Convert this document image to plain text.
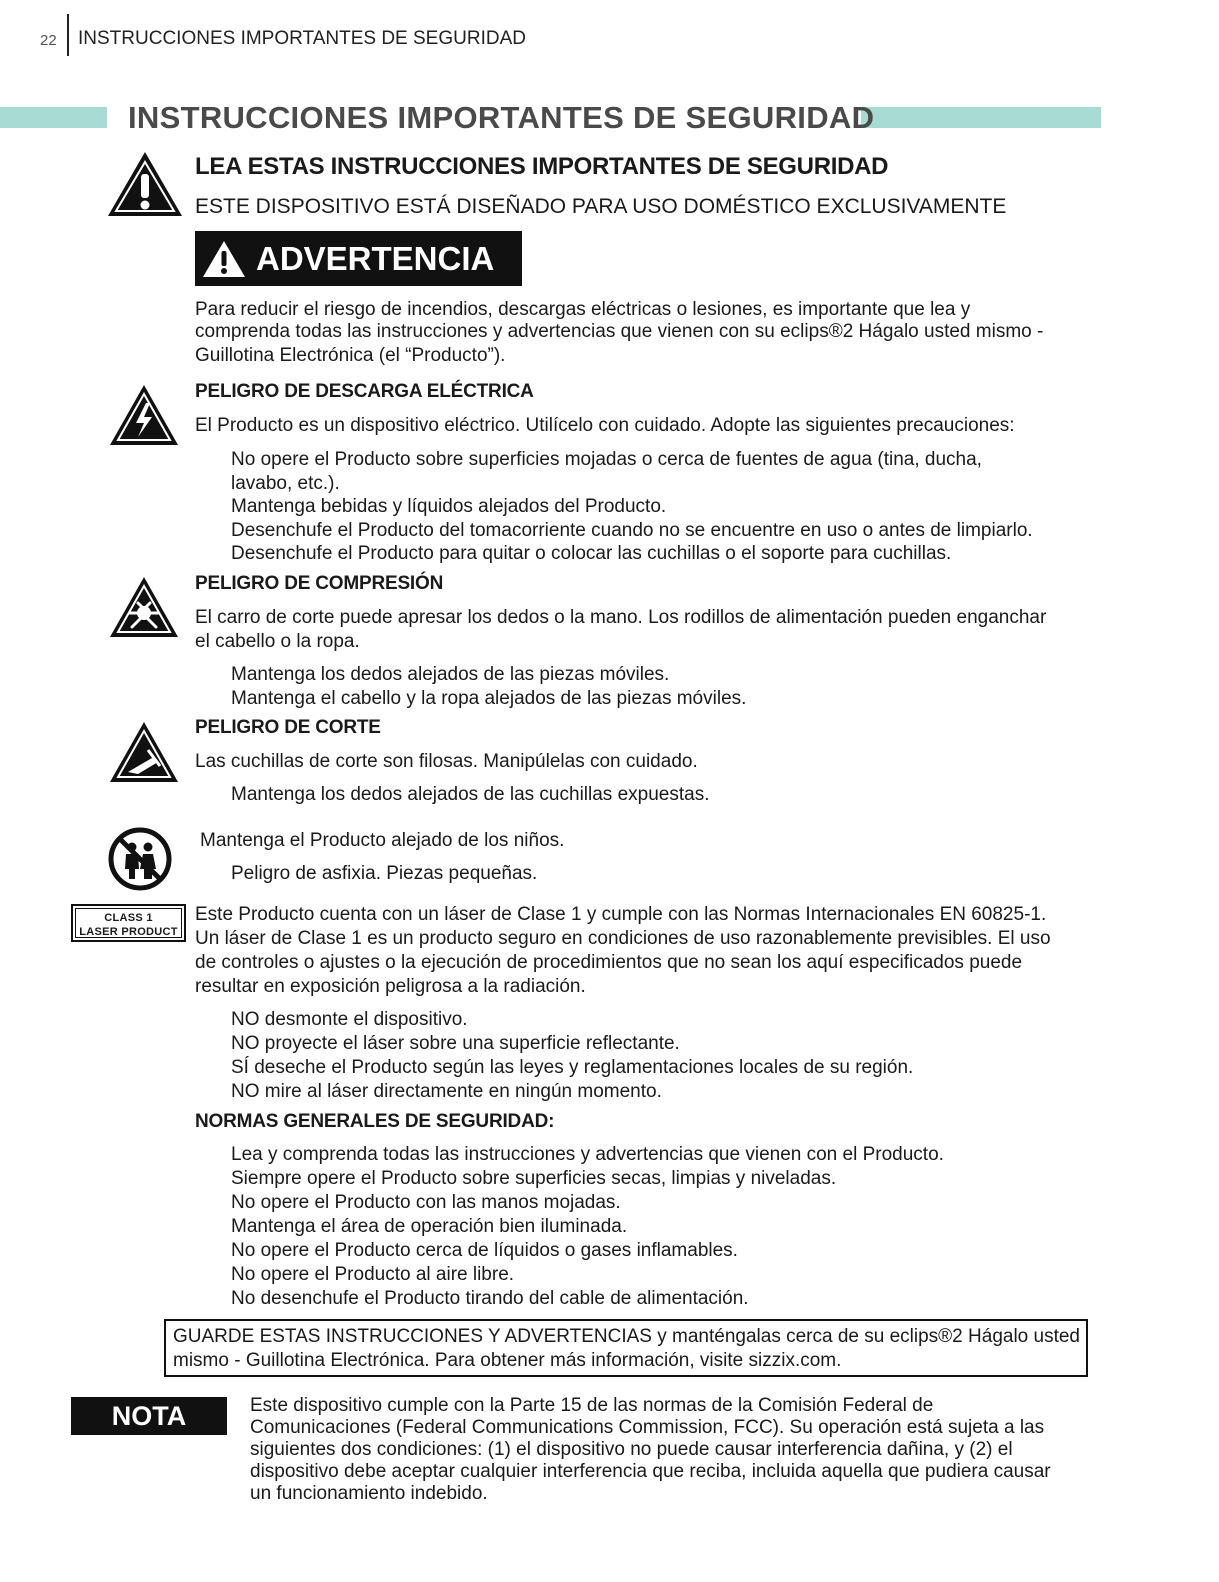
22 INSTRUCCIONES IMPORTANTES DE SEGURIDAD
INSTRUCCIONES IMPORTANTES DE SEGURIDAD
LEA ESTAS INSTRUCCIONES IMPORTANTES DE SEGURIDAD
ESTE DISPOSITIVO ESTÁ DISEÑADO PARA USO DOMÉSTICO EXCLUSIVAMENTE
ADVERTENCIA
Para reducir el riesgo de incendios, descargas eléctricas o lesiones, es importante que lea y
comprenda todas las instrucciones y advertencias que vienen con su eclips®2 Hágalo usted mismo -
Guillotina Electrónica (el “Producto”).
PELIGRO DE DESCARGA ELÉCTRICA
El Producto es un dispositivo eléctrico. Utilícelo con cuidado. Adopte las siguientes precauciones:
No opere el Producto sobre superficies mojadas o cerca de fuentes de agua (tina, ducha,
lavabo, etc.).
Mantenga bebidas y líquidos alejados del Producto.
Desenchufe el Producto del tomacorriente cuando no se encuentre en uso o antes de limpiarlo.
Desenchufe el Producto para quitar o colocar las cuchillas o el soporte para cuchillas.
PELIGRO DE COMPRESIÓN
El carro de corte puede apresar los dedos o la mano. Los rodillos de alimentación pueden enganchar
el cabello o la ropa.
Mantenga los dedos alejados de las piezas móviles.
Mantenga el cabello y la ropa alejados de las piezas móviles.
PELIGRO DE CORTE
Las cuchillas de corte son filosas. Manipúlelas con cuidado.
Mantenga los dedos alejados de las cuchillas expuestas.
Mantenga el Producto alejado de los niños.
Peligro de asfixia. Piezas pequeñas.
CLASS 1
LASER PRODUCT
Este Producto cuenta con un láser de Clase 1 y cumple con las Normas Internacionales EN 60825-1.
Un láser de Clase 1 es un producto seguro en condiciones de uso razonablemente previsibles. El uso
de controles o ajustes o la ejecución de procedimientos que no sean los aquí especificados puede
resultar en exposición peligrosa a la radiación.
NO desmonte el dispositivo.
NO proyecte el láser sobre una superficie reflectante.
SÍ deseche el Producto según las leyes y reglamentaciones locales de su región.
NO mire al láser directamente en ningún momento.
NORMAS GENERALES DE SEGURIDAD:
Lea y comprenda todas las instrucciones y advertencias que vienen con el Producto.
Siempre opere el Producto sobre superficies secas, limpias y niveladas.
No opere el Producto con las manos mojadas.
Mantenga el área de operación bien iluminada.
No opere el Producto cerca de líquidos o gases inflamables.
No opere el Producto al aire libre.
No desenchufe el Producto tirando del cable de alimentación.
GUARDE ESTAS INSTRUCCIONES Y ADVERTENCIAS y manténgalas cerca de su eclips®2 Hágalo usted
mismo - Guillotina Electrónica. Para obtener más información, visite sizzix.com.
NOTA	Este dispositivo cumple con la Parte 15 de las normas de la Comisión Federal de
Comunicaciones (Federal Communications Commission, FCC). Su operación está sujeta a las
siguientes dos condiciones: (1) el dispositivo no puede causar interferencia dañina, y (2) el
dispositivo debe aceptar cualquier interferencia que reciba, incluida aquella que pudiera causar
un funcionamiento indebido.
